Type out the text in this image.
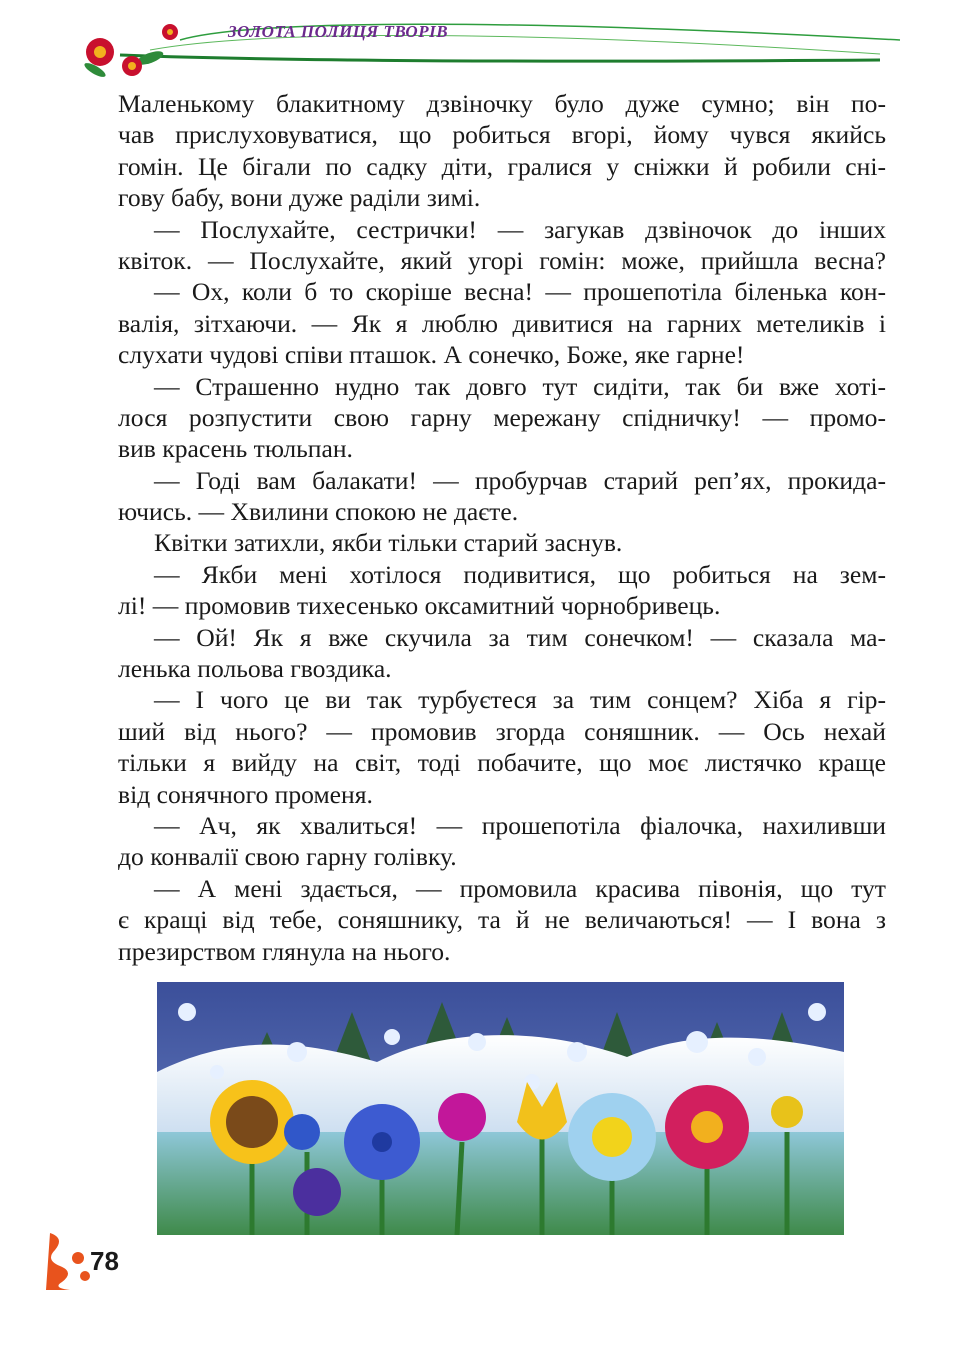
ЗОЛОТА ПОЛИЦЯ ТВОРІВ
Маленькому блакитному дзвіночку було дуже сумно; він по-
чав прислуховуватися, що робиться вгорі, йому чувся якийсь
гомін. Це бігали по садку діти, гралися у сніжки й робили сні-
гову бабу, вони дуже раділи зимі.
— Послухайте, сестрички! — загукав дзвіночок до інших
квіток. — Послухайте, який угорі гомін: може, прийшла весна?
— Ох, коли б то скоріше весна! — прошепотіла біленька кон-
валія, зітхаючи. — Як я люблю дивитися на гарних метеликів і
слухати чудові співи пташок. А сонечко, Боже, яке гарне!
— Страшенно нудно так довго тут сидіти, так би вже хоті-
лося розпустити свою гарну мережану спідничку! — промо-
вив красень тюльпан.
— Годі вам балакати! — пробурчав старий реп’ях, прокида-
ючись. — Хвилини спокою не даєте.
Квітки затихли, якби тільки старий заснув.
— Якби мені хотілося подивитися, що робиться на зем-
лі! — промовив тихесенько оксамитний чорнобривець.
— Ой! Як я вже скучила за тим сонечком! — сказала ма-
ленька польова гвоздика.
— І чого це ви так турбуєтеся за тим сонцем? Хіба я гір-
ший від нього? — промовив згорда соняшник. — Ось нехай
тільки я вийду на світ, тоді побачите, що моє листячко краще
від сонячного променя.
— Ач, як хвалиться! — прошепотіла фіалочка, нахиливши
до конвалії свою гарну голівку.
— А мені здається, — промовила красива півонія, що тут
є кращі від тебе, соняшнику, та й не величаються! — І вона з
презирством глянула на нього.
78
